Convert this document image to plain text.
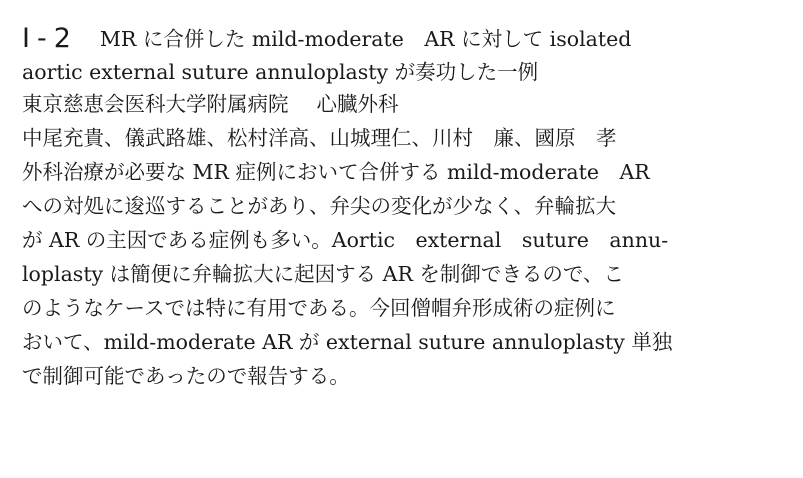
Ⅰ-2 MR に合併した mild-moderate　AR に対して isolated
aortic external suture annuloplasty が奏功した一例

東京慈恵会医科大学附属病院 心臓外科

中尾充貴、儀武路雄、松村洋高、山城理仁、川村　廉、國原　孝

外科治療が必要な MR 症例において合併する mild-moderate　AR
への対処に逡巡することがあり、弁尖の変化が少なく、弁輪拡大
が AR の主因である症例も多い。Aortic　external　suture　annu-
loplasty は簡便に弁輪拡大に起因する AR を制御できるので、こ
のようなケースでは特に有用である。今回僧帽弁形成術の症例に
おいて、mild-moderate AR が external suture annuloplasty 単独
で制御可能であったので報告する。
